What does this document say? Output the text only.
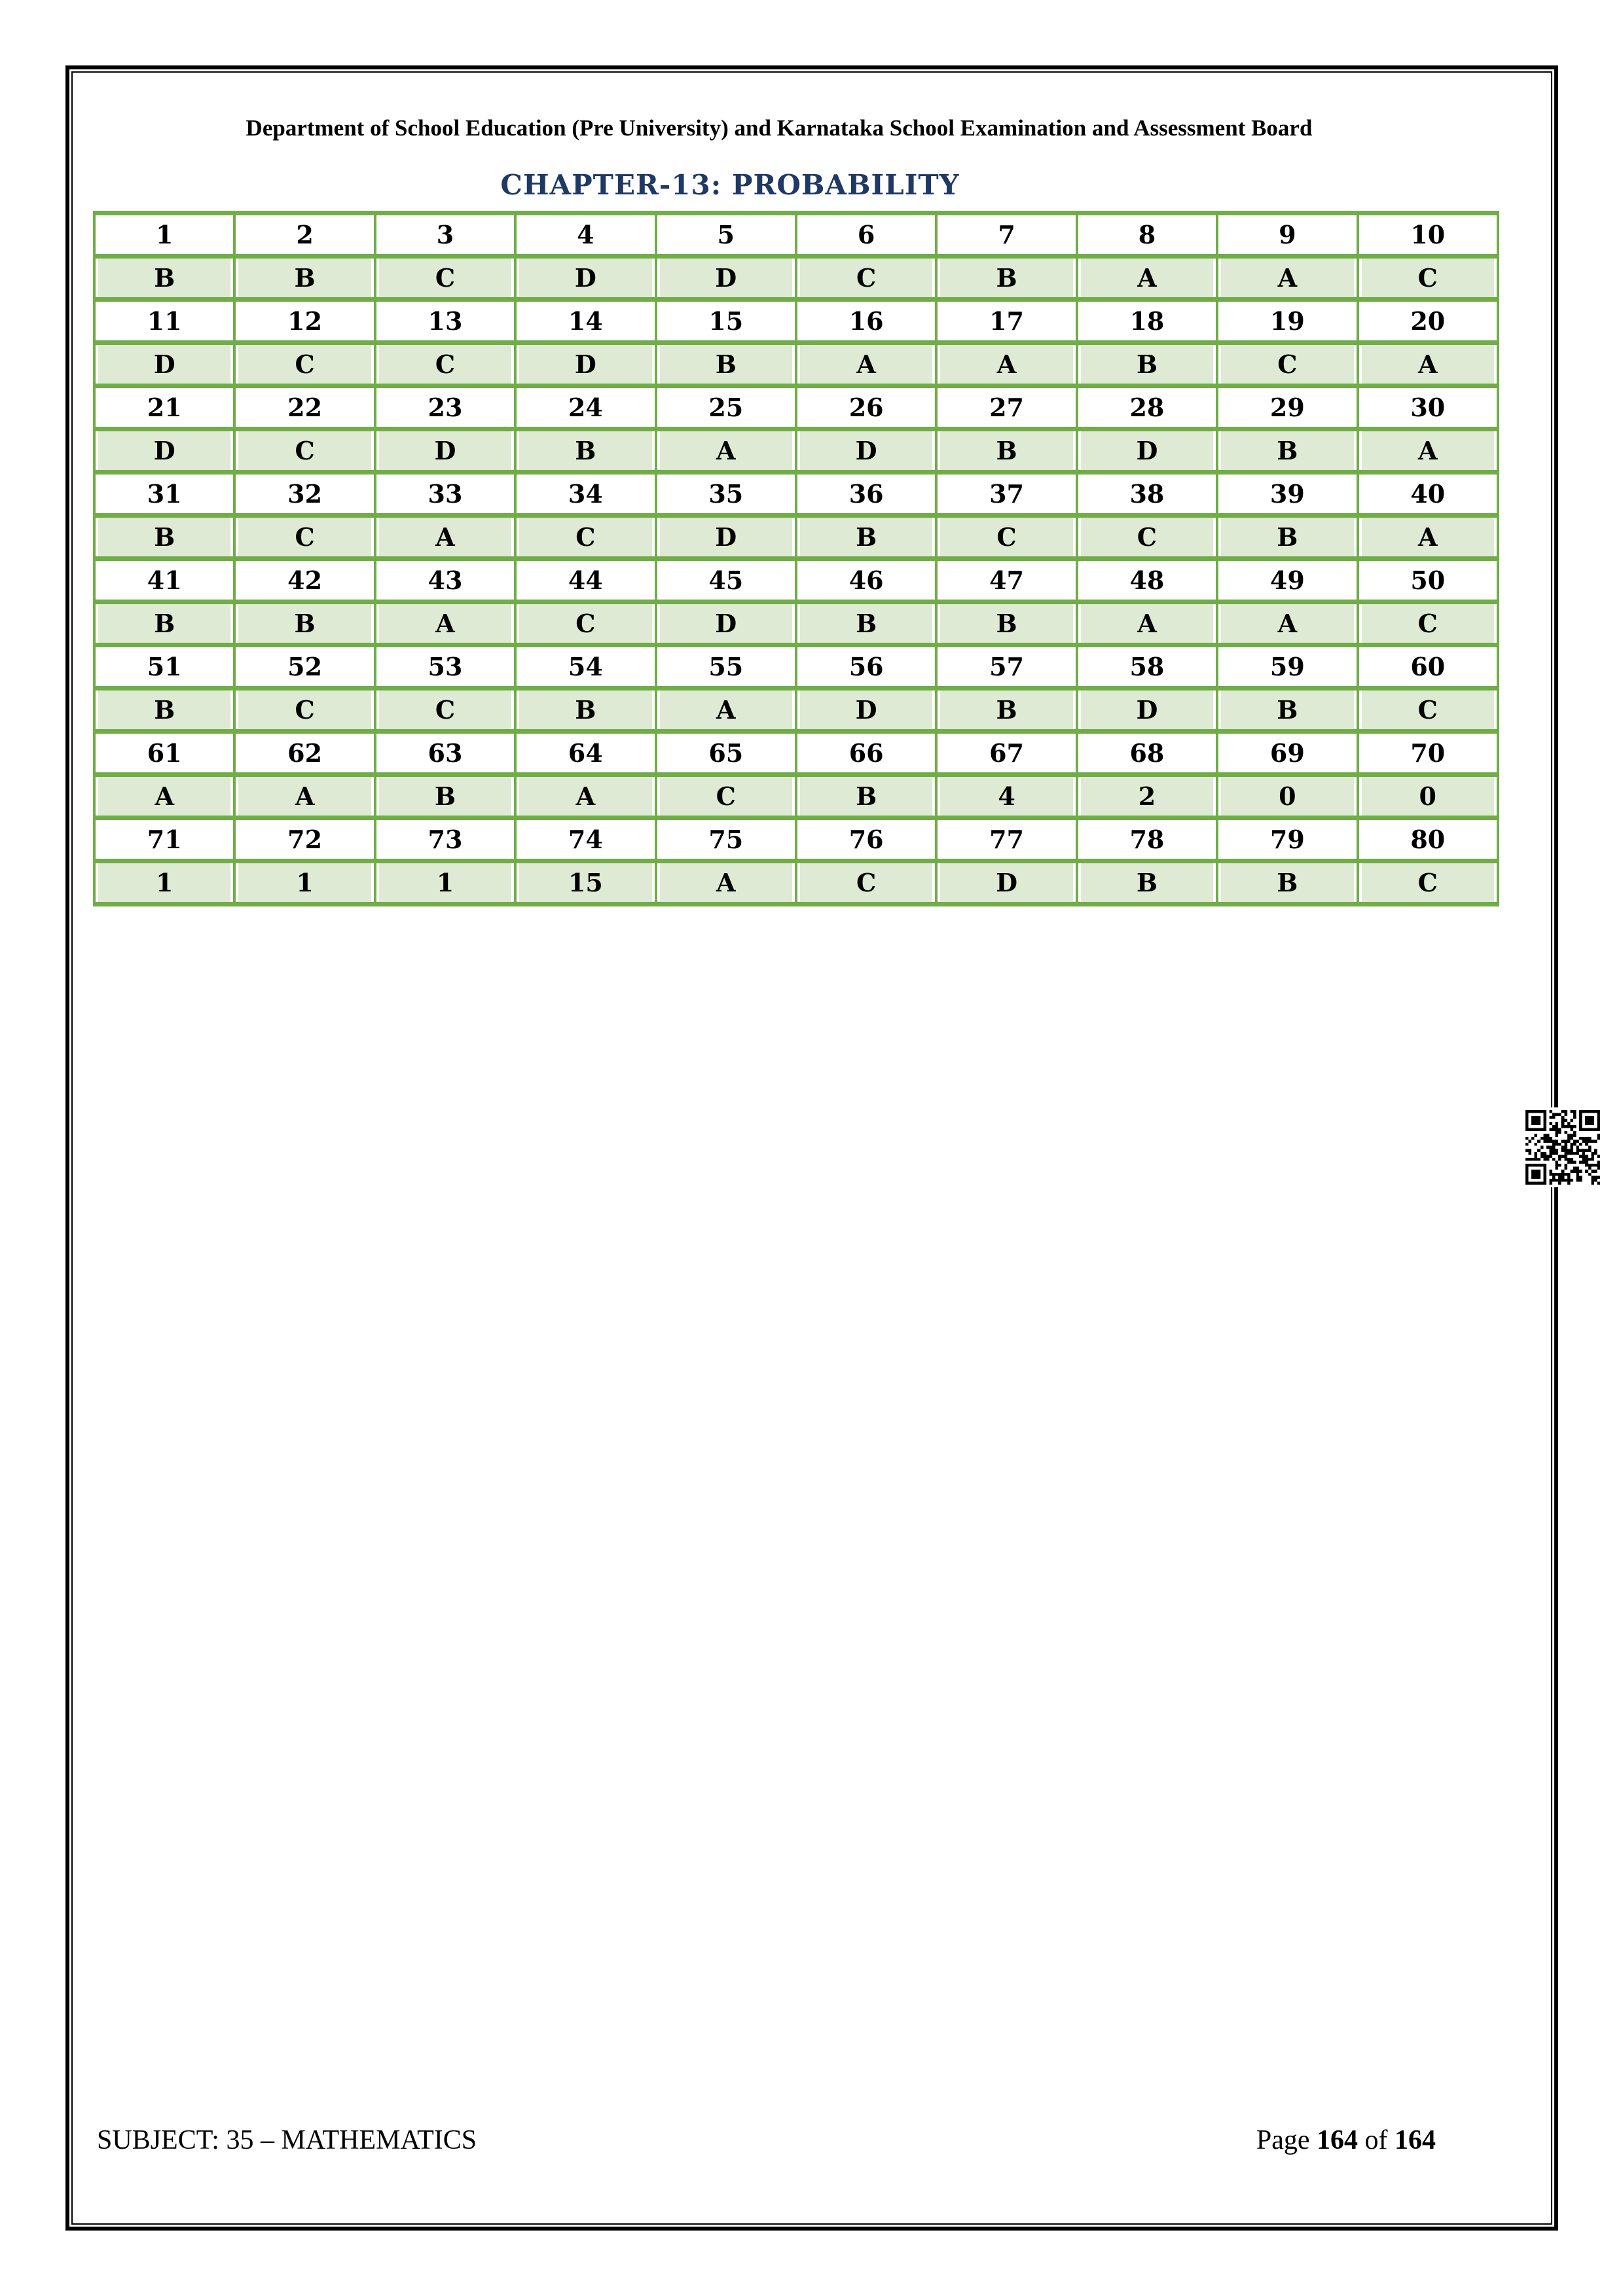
Department of School Education (Pre University) and Karnataka School Examination and Assessment Board
CHAPTER-13: PROBABILITY
1	2	3	4	5	6	7	8	9	10
B	B	C	D	D	C	B	A	A	C
11	12	13	14	15	16	17	18	19	20
D	C	C	D	B	A	A	B	C	A
21	22	23	24	25	26	27	28	29	30
D	C	D	B	A	D	B	D	B	A
31	32	33	34	35	36	37	38	39	40
B	C	A	C	D	B	C	C	B	A
41	42	43	44	45	46	47	48	49	50
B	B	A	C	D	B	B	A	A	C
51	52	53	54	55	56	57	58	59	60
B	C	C	B	A	D	B	D	B	C
61	62	63	64	65	66	67	68	69	70
A	A	B	A	C	B	4	2	0	0
71	72	73	74	75	76	77	78	79	80
1	1	1	15	A	C	D	B	B	C
SUBJECT: 35 – MATHEMATICS	Page 164 of 164
